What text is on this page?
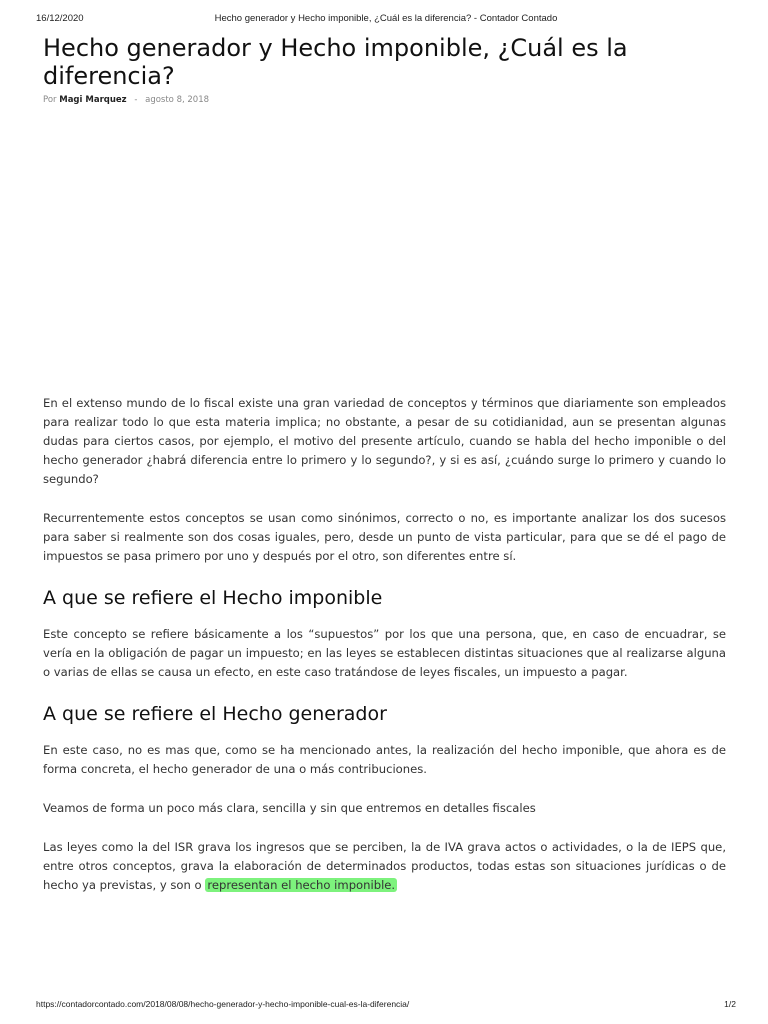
16/12/2020	Hecho generador y Hecho imponible, ¿Cuál es la diferencia? - Contador Contado
Hecho generador y Hecho imponible, ¿Cuál es la diferencia?
Por Magi Marquez - agosto 8, 2018

En el extenso mundo de lo fiscal existe una gran variedad de conceptos y términos que diariamente son empleados para realizar todo lo que esta materia implica; no obstante, a pesar de su cotidianidad, aun se presentan algunas dudas para ciertos casos, por ejemplo, el motivo del presente artículo, cuando se habla del hecho imponible o del hecho generador ¿habrá diferencia entre lo primero y lo segundo?, y si es así, ¿cuándo surge lo primero y cuando lo segundo?

Recurrentemente estos conceptos se usan como sinónimos, correcto o no, es importante analizar los dos sucesos para saber si realmente son dos cosas iguales, pero, desde un punto de vista particular, para que se dé el pago de impuestos se pasa primero por uno y después por el otro, son diferentes entre sí.

A que se refiere el Hecho imponible

Este concepto se refiere básicamente a los “supuestos” por los que una persona, que, en caso de encuadrar, se vería en la obligación de pagar un impuesto; en las leyes se establecen distintas situaciones que al realizarse alguna o varias de ellas se causa un efecto, en este caso tratándose de leyes fiscales, un impuesto a pagar.

A que se refiere el Hecho generador

En este caso, no es mas que, como se ha mencionado antes, la realización del hecho imponible, que ahora es de forma concreta, el hecho generador de una o más contribuciones.

Veamos de forma un poco más clara, sencilla y sin que entremos en detalles fiscales

Las leyes como la del ISR grava los ingresos que se perciben, la de IVA grava actos o actividades, o la de IEPS que, entre otros conceptos, grava la elaboración de determinados productos, todas estas son situaciones jurídicas o de hecho ya previstas, y son o representan el hecho imponible.

https://contadorcontado.com/2018/08/08/hecho-generador-y-hecho-imponible-cual-es-la-diferencia/	1/2
